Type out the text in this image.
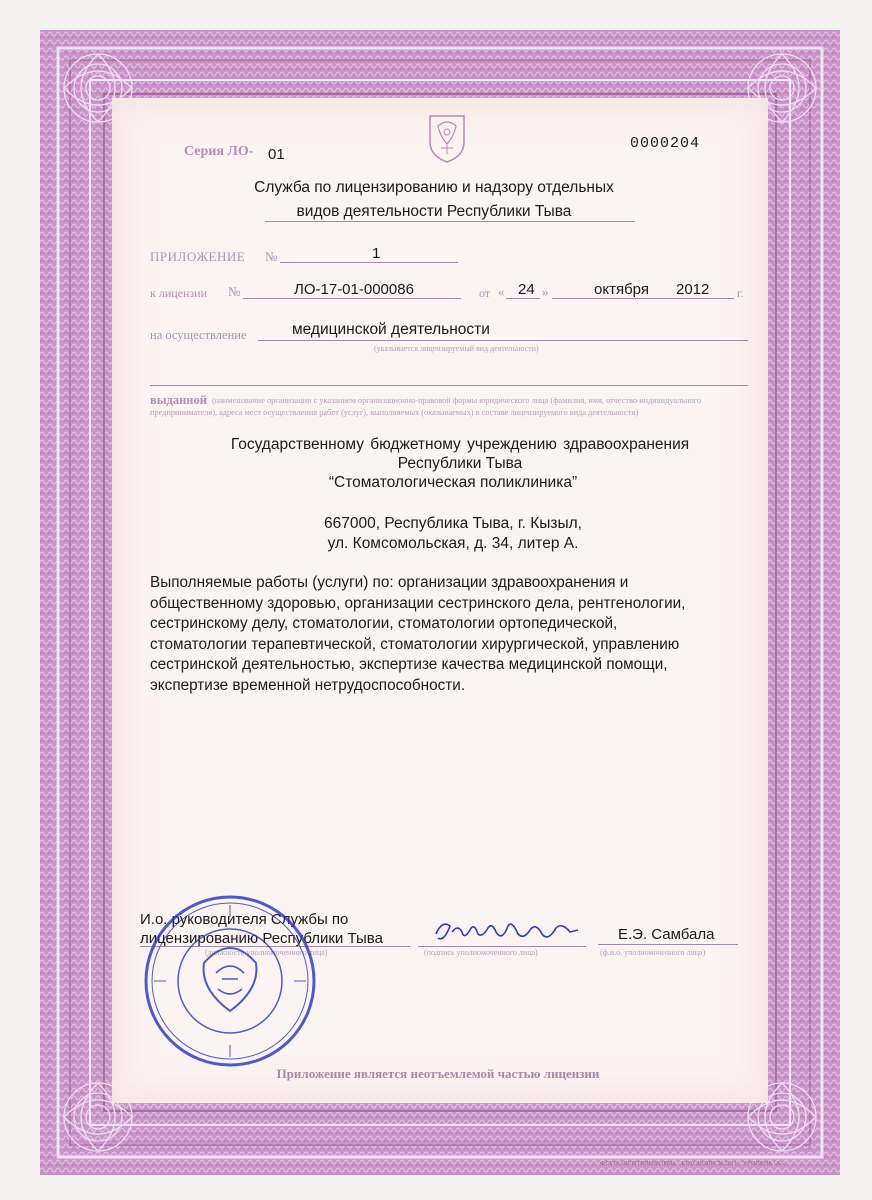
Серия ЛО- 01
0000204
Служба по лицензированию и надзору отдельных
видов деятельности Республики Тыва
ПРИЛОЖЕНИЕ №	1
к лицензии №	ЛО-17-01-000086	от « 24 »	октября 2012 г.
на осуществление	медицинской деятельности
(указывается лицензируемый вид деятельности)
выданной (наименование организации с указанием организационно-правовой формы юридического лица (фамилия, имя, отчество индивидуального предпринимателя), адреса мест осуществления работ (услуг), выполняемых (оказываемых) в составе лицензируемого вида деятельности)
Государственному бюджетному учреждению здравоохранения
Республики Тыва
“Стоматологическая поликлиника”
667000, Республика Тыва, г. Кызыл,
ул. Комсомольская, д. 34, литер А.

Выполняемые работы (услуги) по: организации здравоохранения и

общественному здоровью, организации сестринского дела, рентгенологии,

сестринскому делу, стоматологии, стоматологии ортопедической,

стоматологии терапевтической, стоматологии хирургической, управлению

сестринской деятельностью, экспертизе качества медицинской помощи,

экспертизе временной нетрудоспособности.

И.о. руководителя Службы по
лицензированию Республики Тыва
(должность уполномоченного лица)	(подпись уполномоченного лица)
Е.Э. Самбала
(ф.и.о. уполномоченного лица)
Приложение является неотъемлемой частью лицензии
ФГУП «ЦЕНТРИНФОРМ» · КРАСНОЯРСК 2011 · УРОВЕНЬ «Б»
